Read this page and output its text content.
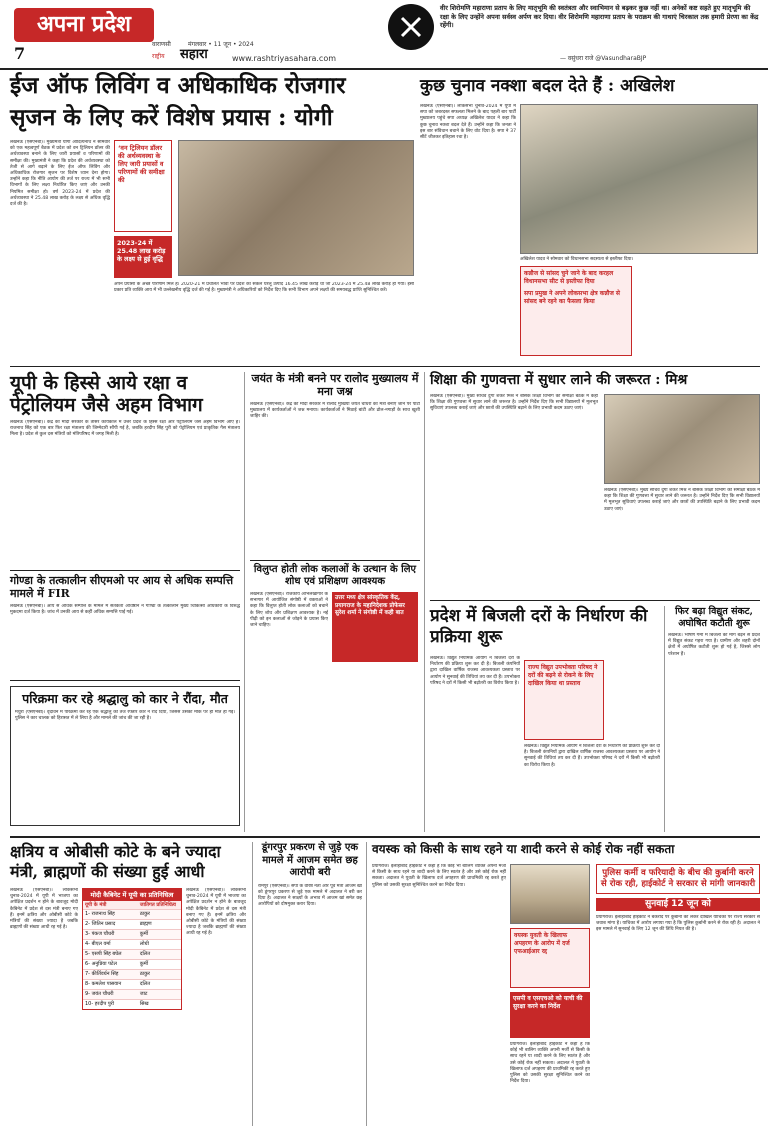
अपना प्रदेश
7	वाराणसी	मंगलवार • 11 जून • 2024
राष्ट्रीय सहारा	www.rashtriyasahara.com
वीर शिरोमणि महाराणा प्रताप के लिए मातृभूमि की स्वतंत्रता और स्वाभिमान से बढ़कर कुछ नहीं था। अनेकों कष्ट सहते हुए मातृभूमि की रक्षा के लिए उन्होंने अपना सर्वस्व अर्पण कर दिया। वीर शिरोमणि महाराणा प्रताप के पराक्रम की गाथाएं चिरकाल तक हमारी प्रेरणा का केंद्र रहेंगी।
— वसुंधरा राजे @VasundharaBJP
ईज ऑफ लिविंग व अधिकाधिक रोजगार
सृजन के लिए करें विशेष प्रयास : योगी
लखनऊ (एसएनबी)। मुख्यमंत्री योगी आदित्यनाथ ने सोमवार को एक महत्वपूर्ण बैठक में प्रदेश को वन ट्रिलियन डॉलर की अर्थव्यवस्था बनाने के लिए जारी प्रयासों व परिणामों की समीक्षा की। मुख्यमंत्री ने कहा कि प्रदेश की अर्थव्यवस्था को तेजी से आगे बढ़ाने के लिए ईज ऑफ लिविंग और अधिकाधिक रोजगार सृजन पर विशेष ध्यान देना होगा। उन्होंने कहा कि नीति आयोग की तर्ज पर राज्य में भी सभी विभागों के लिए लक्ष्य निर्धारित किए जाएं और उनकी नियमित समीक्षा हो। वर्ष 2023-24 में प्रदेश की अर्थव्यवस्था ने 25.48 लाख करोड़ के लक्ष्य से अधिक वृद्धि दर्ज की है।
‘वन ट्रिलियन डॉलर की अर्थव्यवस्था के लिए जारी प्रयासों व परिणामों की समीक्षा की
2023-24 में 25.48 लाख करोड़ के लक्ष्य से हुई वृद्धि
अपने प्रयासों के अच्छे परिणाम मिले हैं। 2020-21 में प्रचलित भावों पर प्रदेश का सकल घरेलू उत्पाद 16.45 लाख करोड़ था जो 2023-24 में 25.48 लाख करोड़ हो गया। इसी प्रकार प्रति व्यक्ति आय में भी उल्लेखनीय वृद्धि दर्ज की गई है। मुख्यमंत्री ने अधिकारियों को निर्देश दिए कि सभी विभाग अपने लक्ष्यों की समयबद्ध प्राप्ति सुनिश्चित करें।
कुछ चुनाव नक्शा बदल देते हैं : अखिलेश
लखनऊ (एसएनबी)। लोकसभा चुनाव-2024 में यूपी में सपा को जबरदस्त सफलता मिलने के बाद पहली बार पार्टी मुख्यालय पहुंचे सपा अध्यक्ष अखिलेश यादव ने कहा कि कुछ चुनाव नक्शा बदल देते हैं। उन्होंने कहा कि जनता ने इस बार संविधान बचाने के लिए वोट दिया है। सपा ने 37 सीटें जीतकर इतिहास रचा है।
अखिलेश यादव ने सोमवार को विधानसभा सदस्यता से इस्तीफा दिया।
कन्नौज से सांसद चुने जाने के बाद करहल विधानसभा सीट से इस्तीफा दिया
सपा प्रमुख ने अपने लोकसभा क्षेत्र कन्नौज से सांसद बने रहने का फैसला किया
यूपी के हिस्से आये रक्षा व पेट्रोलियम जैसे अहम विभाग
लखनऊ (एसएनबी)। केंद्र की मोदी सरकार के तीसरे कार्यकाल में उत्तर प्रदेश के हिस्से रक्षा और पेट्रोलियम जैसे अहम विभाग आए हैं। राजनाथ सिंह को एक बार फिर रक्षा मंत्रालय की जिम्मेदारी सौंपी गई है, जबकि हरदीप सिंह पुरी को पेट्रोलियम एवं प्राकृतिक गैस मंत्रालय मिला है। प्रदेश से कुल दस मंत्रियों को मंत्रिपरिषद में जगह मिली है।
गोण्डा के तत्कालीन सीएमओ पर आय से अधिक सम्पत्ति मामले में FIR
लखनऊ (एसएनबी)। आय से अधिक सम्पत्ति के मामले में सतर्कता अधिष्ठान ने गोण्डा के तत्कालीन मुख्य चिकित्सा अधिकारी के विरुद्ध मुकदमा दर्ज किया है। जांच में उनकी आय से कहीं अधिक सम्पत्ति पाई गई।
परिक्रमा कर रहे श्रद्धालु को कार ने रौंदा, मौत
मथुरा (एसएनबी)। वृंदावन में परिक्रमा कर रहे एक श्रद्धालु को तेज रफ्तार कार ने रौंद दिया, जिससे उसकी मौके पर ही मौत हो गई। पुलिस ने कार चालक को हिरासत में ले लिया है और मामले की जांच की जा रही है।
जयंत के मंत्री बनने पर रालोद मुख्यालय में मना जश्न
लखनऊ (एसएनबी)। केंद्र की मोदी सरकार में रालोद मुखिया जयंत चौधरी को मंत्री बनाए जाने पर पार्टी मुख्यालय में कार्यकर्ताओं ने जश्न मनाया। कार्यकर्ताओं ने मिठाई बांटी और ढोल-नगाड़ों के साथ खुशी जाहिर की।
विलुप्त होती लोक कलाओं के उत्थान के लिए शोध एवं प्रशिक्षण आवश्यक
लखनऊ (एसएनबी)। राजकीय अभिलेखागार के सभागार में आयोजित संगोष्ठी में वक्ताओं ने कहा कि विलुप्त होती लोक कलाओं को बचाने के लिए शोध और प्रशिक्षण आवश्यक है। नई पीढ़ी को इन कलाओं से जोड़ने के प्रयास किए जाने चाहिए।
उत्तर मध्य क्षेत्र सांस्कृतिक केंद्र, प्रयागराज के महानिदेशक प्रोफेसर सुरेश शर्मा ने संगोष्ठी में कही बात
शिक्षा की गुणवत्ता में सुधार लाने की जरूरत : मिश्र
लखनऊ (एसएनबी)। मुख्य सचिव दुर्गा शंकर मिश्र ने बेसिक शिक्षा विभाग की समीक्षा बैठक में कहा कि शिक्षा की गुणवत्ता में सुधार लाने की जरूरत है। उन्होंने निर्देश दिए कि सभी विद्यालयों में मूलभूत सुविधाएं उपलब्ध कराई जाएं और छात्रों की उपस्थिति बढ़ाने के लिए प्रभावी कदम उठाए जाएं।
लखनऊ (एसएनबी)। मुख्य सचिव दुर्गा शंकर मिश्र ने बेसिक शिक्षा विभाग की समीक्षा बैठक में कहा कि शिक्षा की गुणवत्ता में सुधार लाने की जरूरत है। उन्होंने निर्देश दिए कि सभी विद्यालयों में मूलभूत सुविधाएं उपलब्ध कराई जाएं और छात्रों की उपस्थिति बढ़ाने के लिए प्रभावी कदम उठाए जाएं।
प्रदेश में बिजली दरों के निर्धारण की प्रक्रिया शुरू
लखनऊ। विद्युत नियामक आयोग ने बिजली दरों के निर्धारण की प्रक्रिया शुरू कर दी है। बिजली कंपनियों द्वारा दाखिल वार्षिक राजस्व आवश्यकता प्रस्ताव पर आयोग ने सुनवाई की तिथियां तय कर दी हैं। उपभोक्ता परिषद ने दरों में किसी भी बढ़ोतरी का विरोध किया है।
राज्य विद्युत उपभोक्ता परिषद ने दरों की बढ़ने से रोकने के लिए दाखिल किया था प्रस्ताव
लखनऊ। विद्युत नियामक आयोग ने बिजली दरों के निर्धारण की प्रक्रिया शुरू कर दी है। बिजली कंपनियों द्वारा दाखिल वार्षिक राजस्व आवश्यकता प्रस्ताव पर आयोग ने सुनवाई की तिथियां तय कर दी हैं। उपभोक्ता परिषद ने दरों में किसी भी बढ़ोतरी का विरोध किया है।
फिर बढ़ा विद्युत संकट, अघोषित कटौती शुरू
लखनऊ। भीषण गर्मी में बिजली की मांग बढ़ने से प्रदेश में विद्युत संकट गहरा गया है। ग्रामीण और शहरी दोनों क्षेत्रों में अघोषित कटौती शुरू हो गई है, जिससे लोग परेशान हैं।
क्षत्रिय व ओबीसी कोटे के बने ज्यादा मंत्री, ब्राह्मणों की संख्या हुई आधी
लखनऊ (एसएनबी)। लोकसभा चुनाव-2024 में यूपी में भाजपा का अपेक्षित प्रदर्शन न होने के बावजूद मोदी कैबिनेट में प्रदेश से दस मंत्री बनाए गए हैं। इनमें क्षत्रिय और ओबीसी कोटे के मंत्रियों की संख्या ज्यादा है जबकि ब्राह्मणों की संख्या आधी रह गई है।
मोदी कैबिनेट में यूपी का प्रतिनिधित्व
यूपी के मंत्री	जातिगत प्रतिनिधित्व
1- राजनाथ सिंह	ठाकुर
2- जितिन प्रसाद	ब्राह्मण
3- पंकज चौधरी	कुर्मी
4- बीएल वर्मा	लोधी
5- एसपी सिंह बघेल	दलित
6- अनुप्रिया पटेल	कुर्मी
7- कीर्तिवर्धन सिंह	ठाकुर
8- कमलेश पासवान	दलित
9- जयंत चौधरी	जाट
10- हरदीप पुरी	सिख
लखनऊ (एसएनबी)। लोकसभा चुनाव-2024 में यूपी में भाजपा का अपेक्षित प्रदर्शन न होने के बावजूद मोदी कैबिनेट में प्रदेश से दस मंत्री बनाए गए हैं। इनमें क्षत्रिय और ओबीसी कोटे के मंत्रियों की संख्या ज्यादा है जबकि ब्राह्मणों की संख्या आधी रह गई है।
डूंगरपुर प्रकरण से जुड़े एक मामले में आजम समेत छह आरोपी बरी
रामपुर (एसएनबी)। सपा के वरिष्ठ नेता और पूर्व मंत्री आजम खां को डूंगरपुर प्रकरण से जुड़े एक मामले में अदालत ने बरी कर दिया है। अदालत ने साक्ष्यों के अभाव में आजम खां समेत छह आरोपियों को दोषमुक्त करार दिया।
वयस्क को किसी के साथ रहने या शादी करने से कोई रोक नहीं सकता
प्रयागराज। इलाहाबाद हाईकोर्ट ने कहा है कि कोई भी बालिग व्यक्ति अपनी मर्जी से किसी के साथ रहने या शादी करने के लिए स्वतंत्र है और उसे कोई रोक नहीं सकता। अदालत ने युवती के खिलाफ दर्ज अपहरण की प्राथमिकी रद्द करते हुए पुलिस को उसकी सुरक्षा सुनिश्चित करने का निर्देश दिया।
वयस्क युवती के खिलाफ अपहरण के आरोप में दर्ज एफआईआर रद्द
एसपी व एसएचओ को याची की सुरक्षा करने का निर्देश
प्रयागराज। इलाहाबाद हाईकोर्ट ने कहा है कि कोई भी बालिग व्यक्ति अपनी मर्जी से किसी के साथ रहने या शादी करने के लिए स्वतंत्र है और उसे कोई रोक नहीं सकता। अदालत ने युवती के खिलाफ दर्ज अपहरण की प्राथमिकी रद्द करते हुए पुलिस को उसकी सुरक्षा सुनिश्चित करने का निर्देश दिया।
पुलिस कर्मी व फरियादी के बीच की कुर्बानी करने से रोक रही, हाईकोर्ट ने सरकार से मांगी जानकारी
सुनवाई 12 जून को
प्रयागराज। इलाहाबाद हाईकोर्ट ने बकरीद पर कुर्बानी को लेकर दाखिल याचिका पर राज्य सरकार से जवाब मांगा है। याचिका में आरोप लगाया गया है कि पुलिस कुर्बानी करने से रोक रही है। अदालत ने इस मामले में सुनवाई के लिए 12 जून की तिथि नियत की है।
